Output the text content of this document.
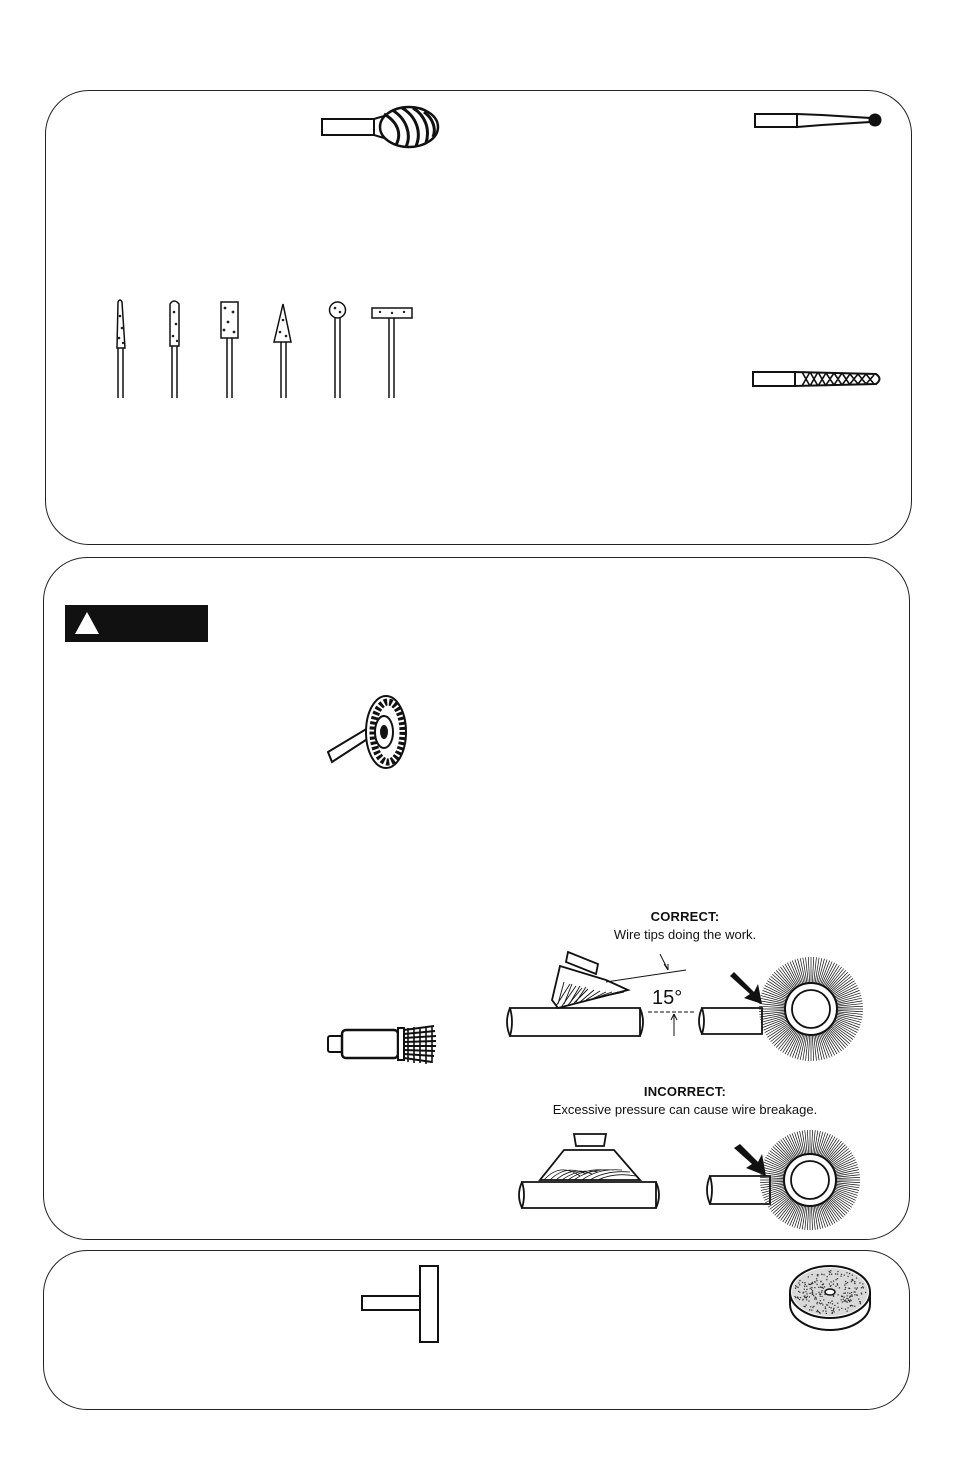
CORRECT:
Wire tips doing the work.
15°
INCORRECT:
Excessive pressure can cause wire breakage.
